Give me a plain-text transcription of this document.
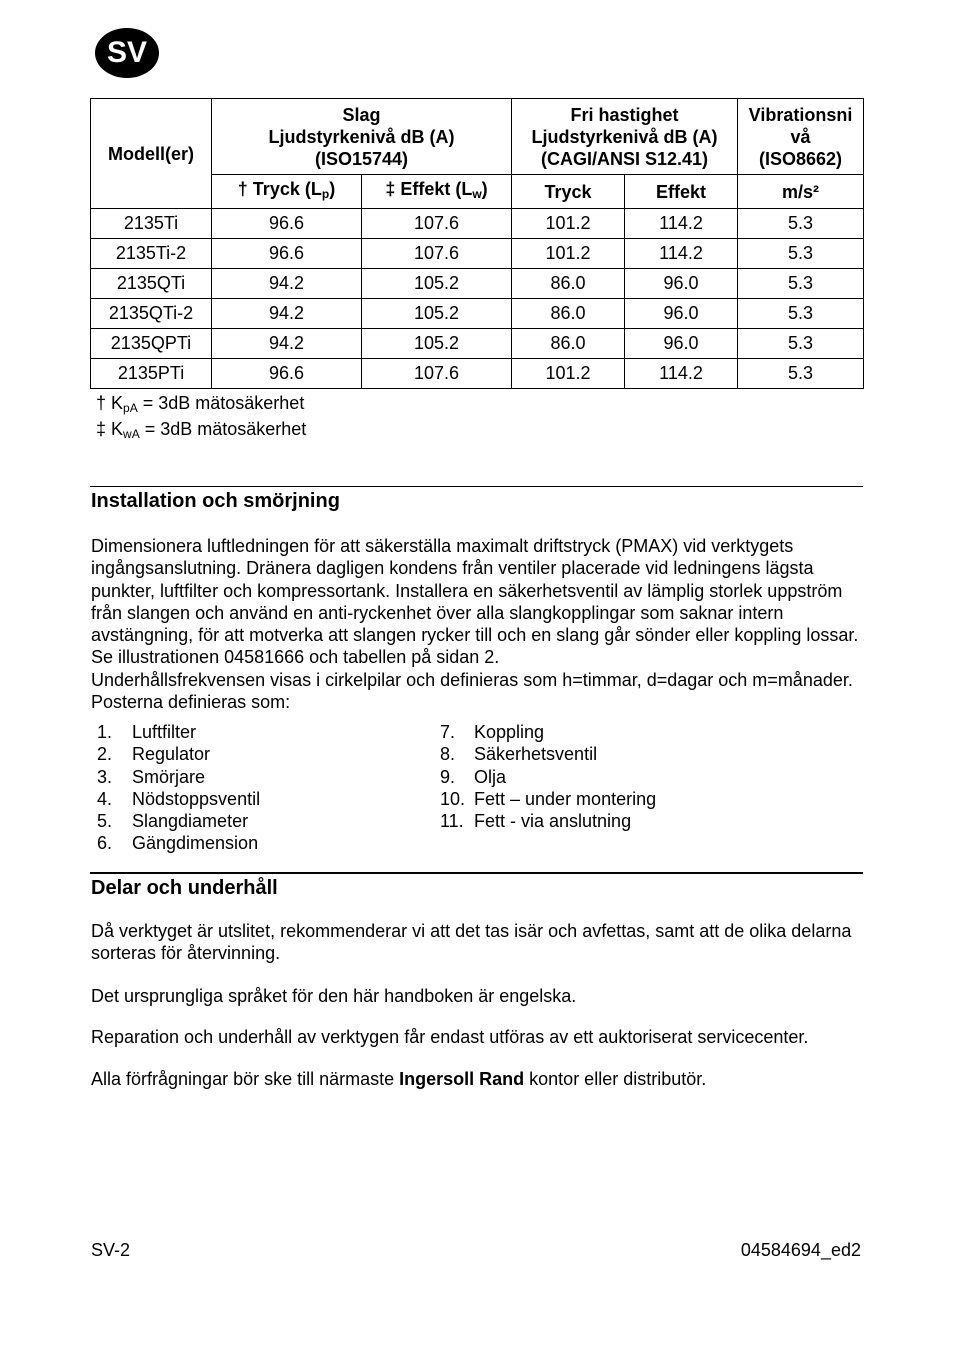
SV
Modell(er)	Slag
Ljudstyrkenivå dB (A)
(ISO15744)		Fri hastighet
Ljudstyrkenivå dB (A)
(CAGI/ANSI S12.41)		Vibrationsni
vå
(ISO8662)
	† Tryck $(L_p)$	‡ Effekt $(L_w)$	Tryck	Effekt	m/s²
2135Ti	96.6	107.6	101.2	114.2	5.3
2135Ti-2	96.6	107.6	101.2	114.2	5.3
2135QTi	94.2	105.2	86.0	96.0	5.3
2135QTi-2	94.2	105.2	86.0	96.0	5.3
2135QPTi	94.2	105.2	86.0	96.0	5.3
2135PTi	96.6	107.6	101.2	114.2	5.3
† $K_{pA} = 3dB$ mätosäkerhet
‡ $K_{wA} = 3dB$ mätosäkerhet
Installation och smörjning

Dimensionera luftledningen för att säkerställa maximalt driftstryck (PMAX) vid verktygets ingångsanslutning. Dränera dagligen kondens från ventiler placerade vid ledningens lägsta punkter, luftfilter och kompressortank. Installera en säkerhetsventil av lämplig storlek uppström från slangen och använd en anti-ryckenhet över alla slangkopplingar som saknar intern avstängning, för att motverka att slangen rycker till och en slang går sönder eller koppling lossar. Se illustrationen 04581666 och tabellen på sidan 2.
Underhållsfrekvensen visas i cirkelpilar och definieras som h=timmar, d=dagar och m=månader. Posterna definieras som:

1.	Luftfilter
2.	Regulator
3.	Smörjare
4.	Nödstoppsventil
5.	Slangdiameter
6.	Gängdimension
7.	Koppling
8.	Säkerhetsventil
9.	Olja
10. Fett – under montering
11. Fett - via anslutning
Delar och underhåll

Då verktyget är utslitet, rekommenderar vi att det tas isär och avfettas, samt att de olika delarna sorteras för återvinning.

Det ursprungliga språket för den här handboken är engelska.

Reparation och underhåll av verktygen får endast utföras av ett auktoriserat servicecenter.

Alla förfrågningar bör ske till närmaste Ingersoll Rand kontor eller distributör.

SV-2	04584694_ed2
